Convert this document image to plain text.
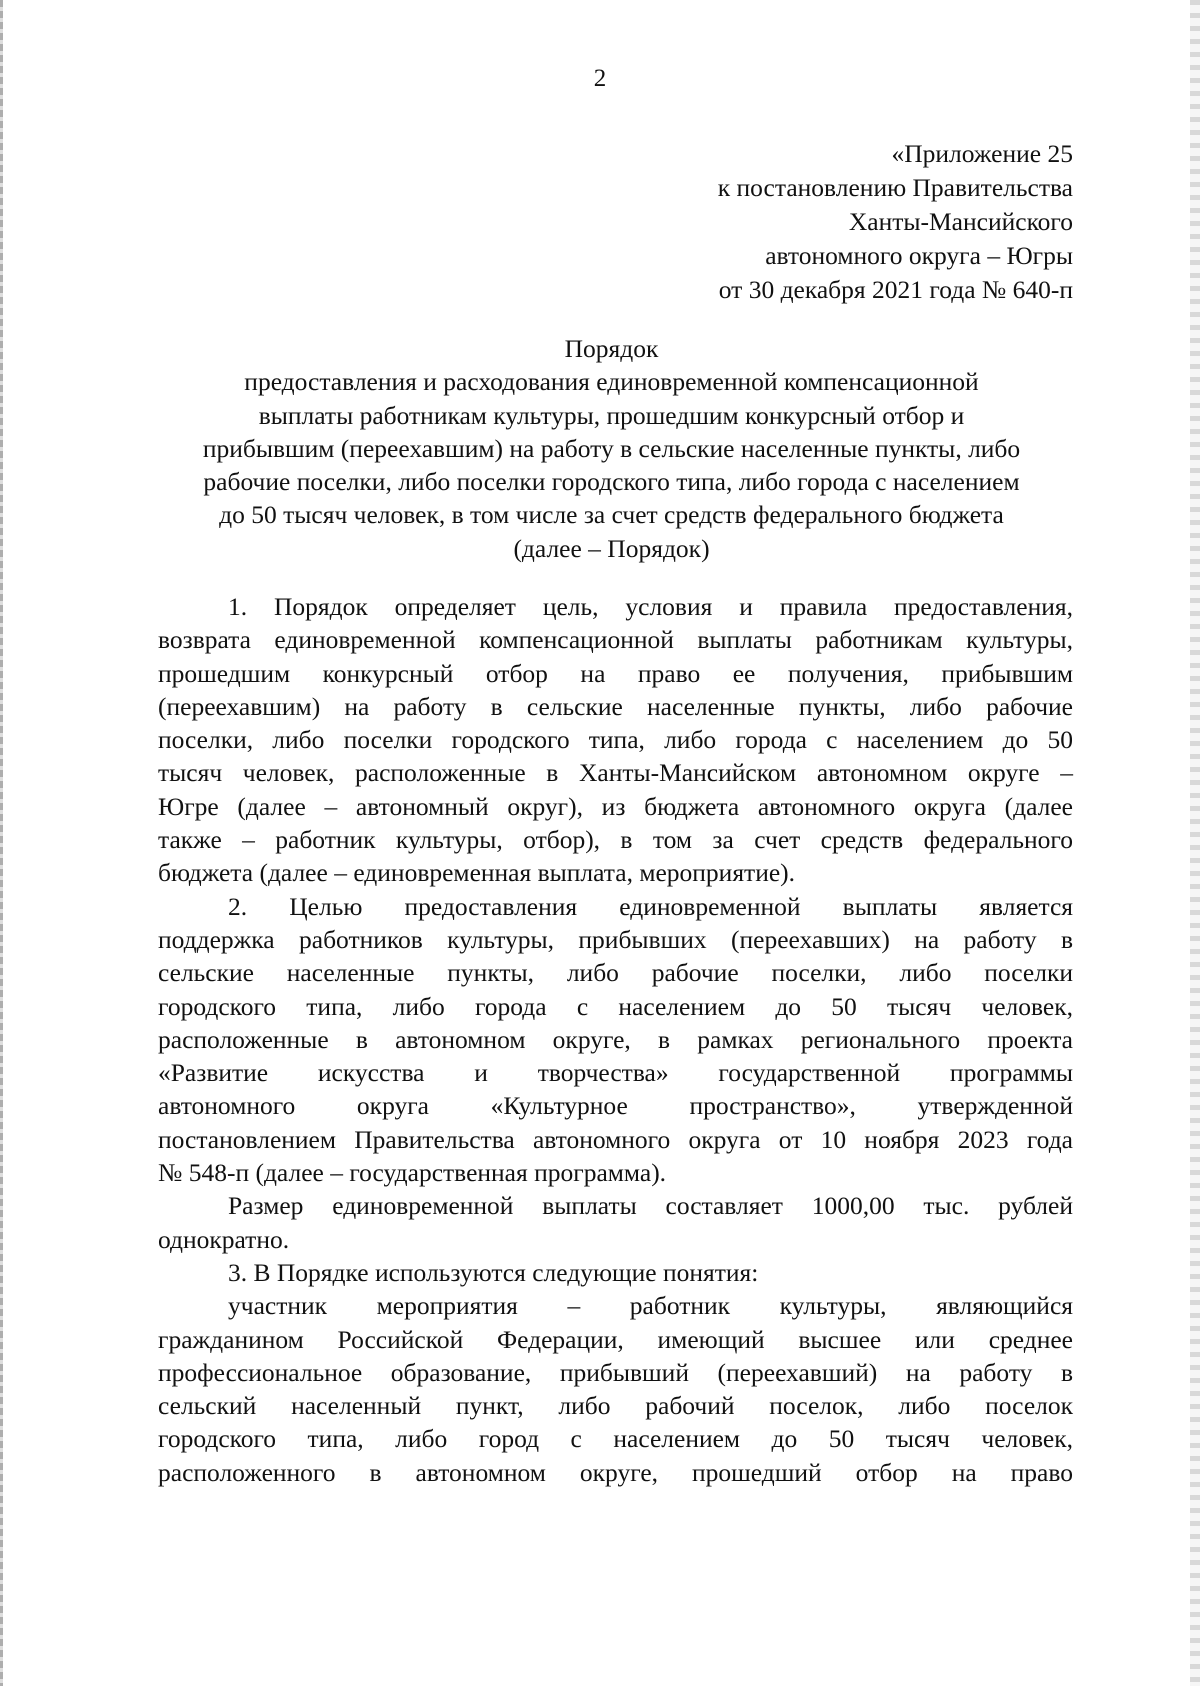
2
«Приложение 25
к постановлению Правительства
Ханты-Мансийского
автономного округа – Югры
от 30 декабря 2021 года № 640-п
Порядок
предоставления и расходования единовременной компенсационной
выплаты работникам культуры, прошедшим конкурсный отбор и
прибывшим (переехавшим) на работу в сельские населенные пункты, либо
рабочие поселки, либо поселки городского типа, либо города с населением
до 50 тысяч человек, в том числе за счет средств федерального бюджета
(далее – Порядок)
1. Порядок определяет цель, условия и правила предоставления,
возврата единовременной компенсационной выплаты работникам культуры,
прошедшим конкурсный отбор на право ее получения, прибывшим
(переехавшим) на работу в сельские населенные пункты, либо рабочие
поселки, либо поселки городского типа, либо города с населением до 50
тысяч человек, расположенные в Ханты-Мансийском автономном округе –
Югре (далее – автономный округ), из бюджета автономного округа (далее
также – работник культуры, отбор), в том за счет средств федерального
бюджета (далее – единовременная выплата, мероприятие).
2. Целью предоставления единовременной выплаты является
поддержка работников культуры, прибывших (переехавших) на работу в
сельские населенные пункты, либо рабочие поселки, либо поселки
городского типа, либо города с населением до 50 тысяч человек,
расположенные в автономном округе, в рамках регионального проекта
«Развитие искусства и творчества» государственной программы
автономного округа «Культурное пространство», утвержденной
постановлением Правительства автономного округа от 10 ноября 2023 года
№ 548-п (далее – государственная программа).
Размер единовременной выплаты составляет 1000,00 тыс. рублей
однократно.
3. В Порядке используются следующие понятия:
участник мероприятия – работник культуры, являющийся
гражданином Российской Федерации, имеющий высшее или среднее
профессиональное образование, прибывший (переехавший) на работу в
сельский населенный пункт, либо рабочий поселок, либо поселок
городского типа, либо город с населением до 50 тысяч человек,
расположенного в автономном округе, прошедший отбор на право
